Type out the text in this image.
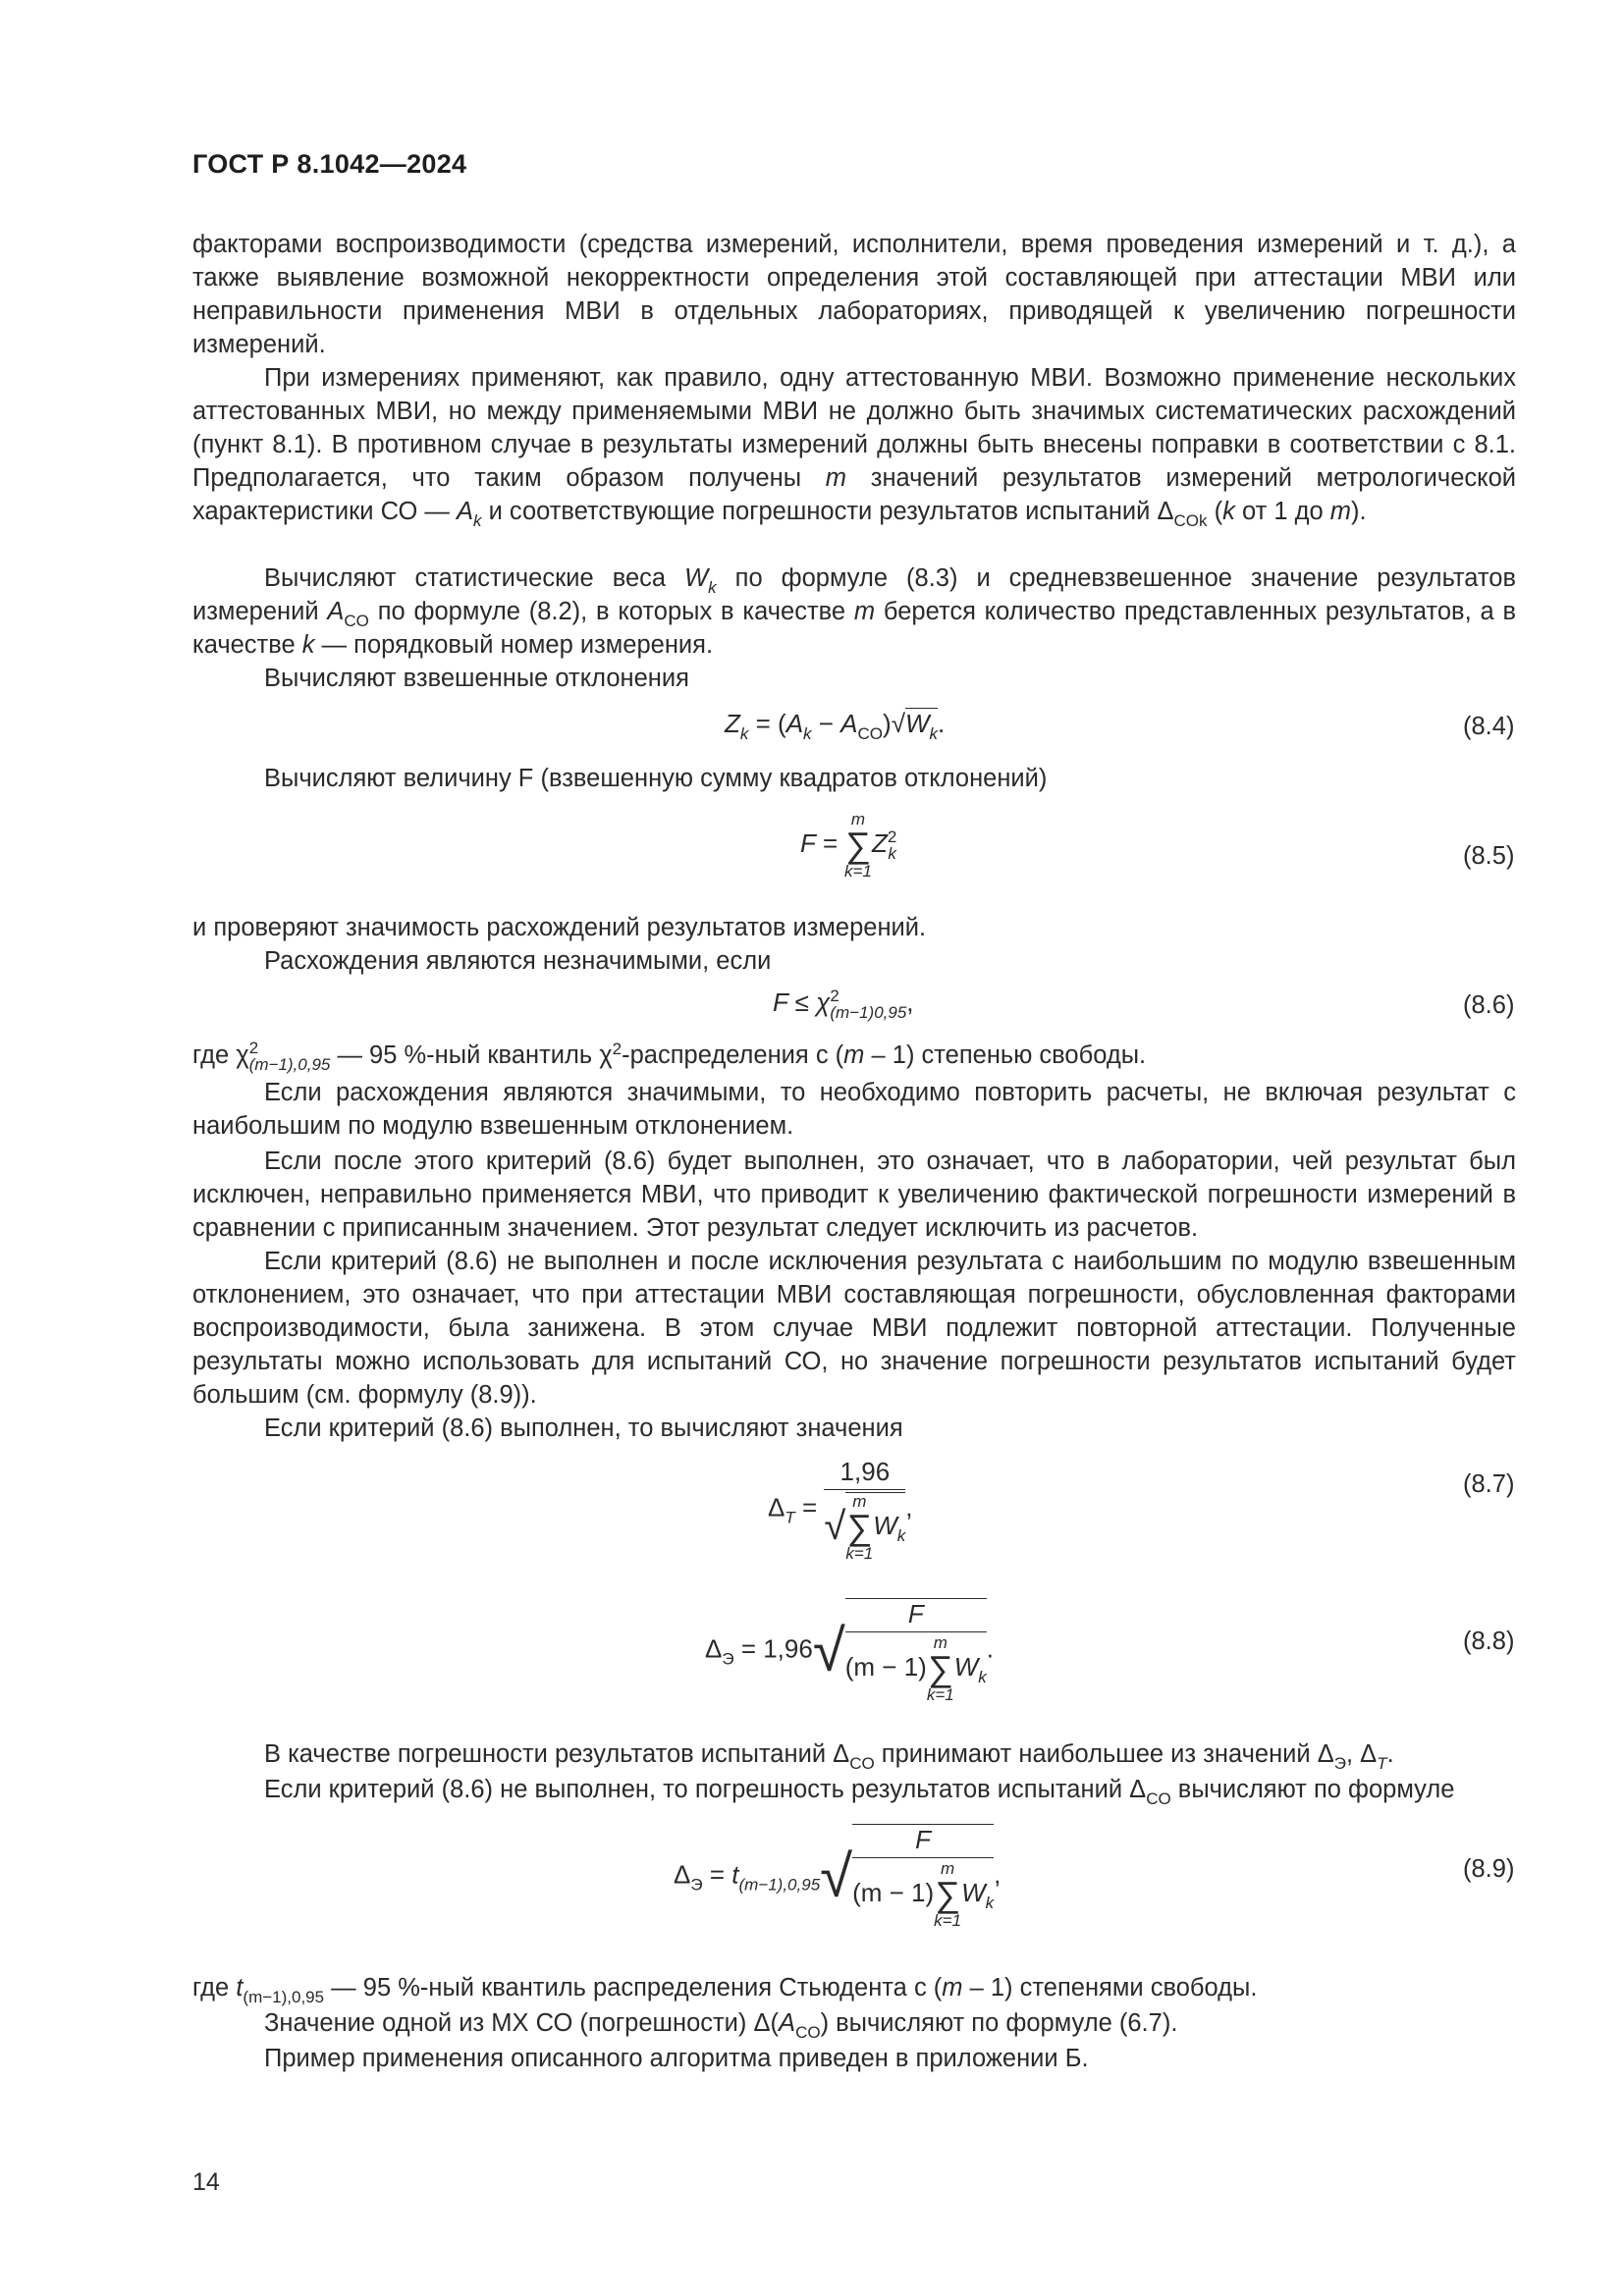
ГОСТ Р 8.1042—2024
факторами воспроизводимости (средства измерений, исполнители, время проведения измерений и т. д.), а также выявление возможной некорректности определения этой составляющей при аттестации МВИ или неправильности применения МВИ в отдельных лабораториях, приводящей к увеличению погрешности измерений.
При измерениях применяют, как правило, одну аттестованную МВИ. Возможно применение нескольких аттестованных МВИ, но между применяемыми МВИ не должно быть значимых систематических расхождений (пункт 8.1). В противном случае в результаты измерений должны быть внесены поправки в соответствии с 8.1. Предполагается, что таким образом получены m значений результатов измерений метрологической характеристики СО — $A_k$ и соответствующие погрешности результатов испытаний $\Delta_{COk}$ (k от 1 до m).
Вычисляют статистические веса $W_k$ по формуле (8.3) и средневзвешенное значение результатов измерений $A_{CO}$ по формуле (8.2), в которых в качестве m берется количество представленных результатов, а в качестве k — порядковый номер измерения.
Вычисляют взвешенные отклонения
$Z_k = (A_k - A_{CO})√W_k$.	(8.4)
Вычисляют величину F (взвешенную сумму квадратов отклонений)
F =
m
∑
k=1
Z 2
k	(8.5)
и проверяют значимость расхождений результатов измерений.
Расхождения являются незначимыми, если
F ≤ χ 2
(m−1)0,95 ,	(8.6)
где χ 2
(m−1),0,95 — 95 %-ный квантиль $\chi^2$-распределения с (m – 1) степенью свободы.
Если расхождения являются значимыми, то необходимо повторить расчеты, не включая результат с наибольшим по модулю взвешенным отклонением.
Если после этого критерий (8.6) будет выполнен, это означает, что в лаборатории, чей результат был исключен, неправильно применяется МВИ, что приводит к увеличению фактической погрешности измерений в сравнении с приписанным значением. Этот результат следует исключить из расчетов.
Если критерий (8.6) не выполнен и после исключения результата с наибольшим по модулю взвешенным отклонением, это означает, что при аттестации МВИ составляющая погрешности, обусловленная факторами воспроизводимости, была занижена. В этом случае МВИ подлежит повторной аттестации. Полученные результаты можно использовать для испытаний СО, но значение погрешности результатов испытаний будет большим (см. формулу (8.9)).
Если критерий (8.6) выполнен, то вычисляют значения
$\Delta_T = 1,96$
√
m
∑
k=1
$W_k$ ,
(8.7)
$\Delta_Э = 1,96√$ F
(m − 1)
m
∑
k=1
$W_k$ .	(8.8)
В качестве погрешности результатов испытаний $\Delta_{CO}$ принимают наибольшее из значений $\Delta_Э$, $\Delta_T$.
Если критерий (8.6) не выполнен, то погрешность результатов испытаний $\Delta_{CO}$ вычисляют по формуле
$\Delta_Э = t_{(m-1),0,95}√$ F
(m − 1)
m
∑
k=1
$W_k$ ,	(8.9)
где $t_{(m-1),0,95}$ — 95 %-ный квантиль распределения Стьюдента с (m – 1) степенями свободы.
Значение одной из МХ СО (погрешности) $\Delta(A_{CO})$ вычисляют по формуле (6.7).
Пример применения описанного алгоритма приведен в приложении Б.
14
